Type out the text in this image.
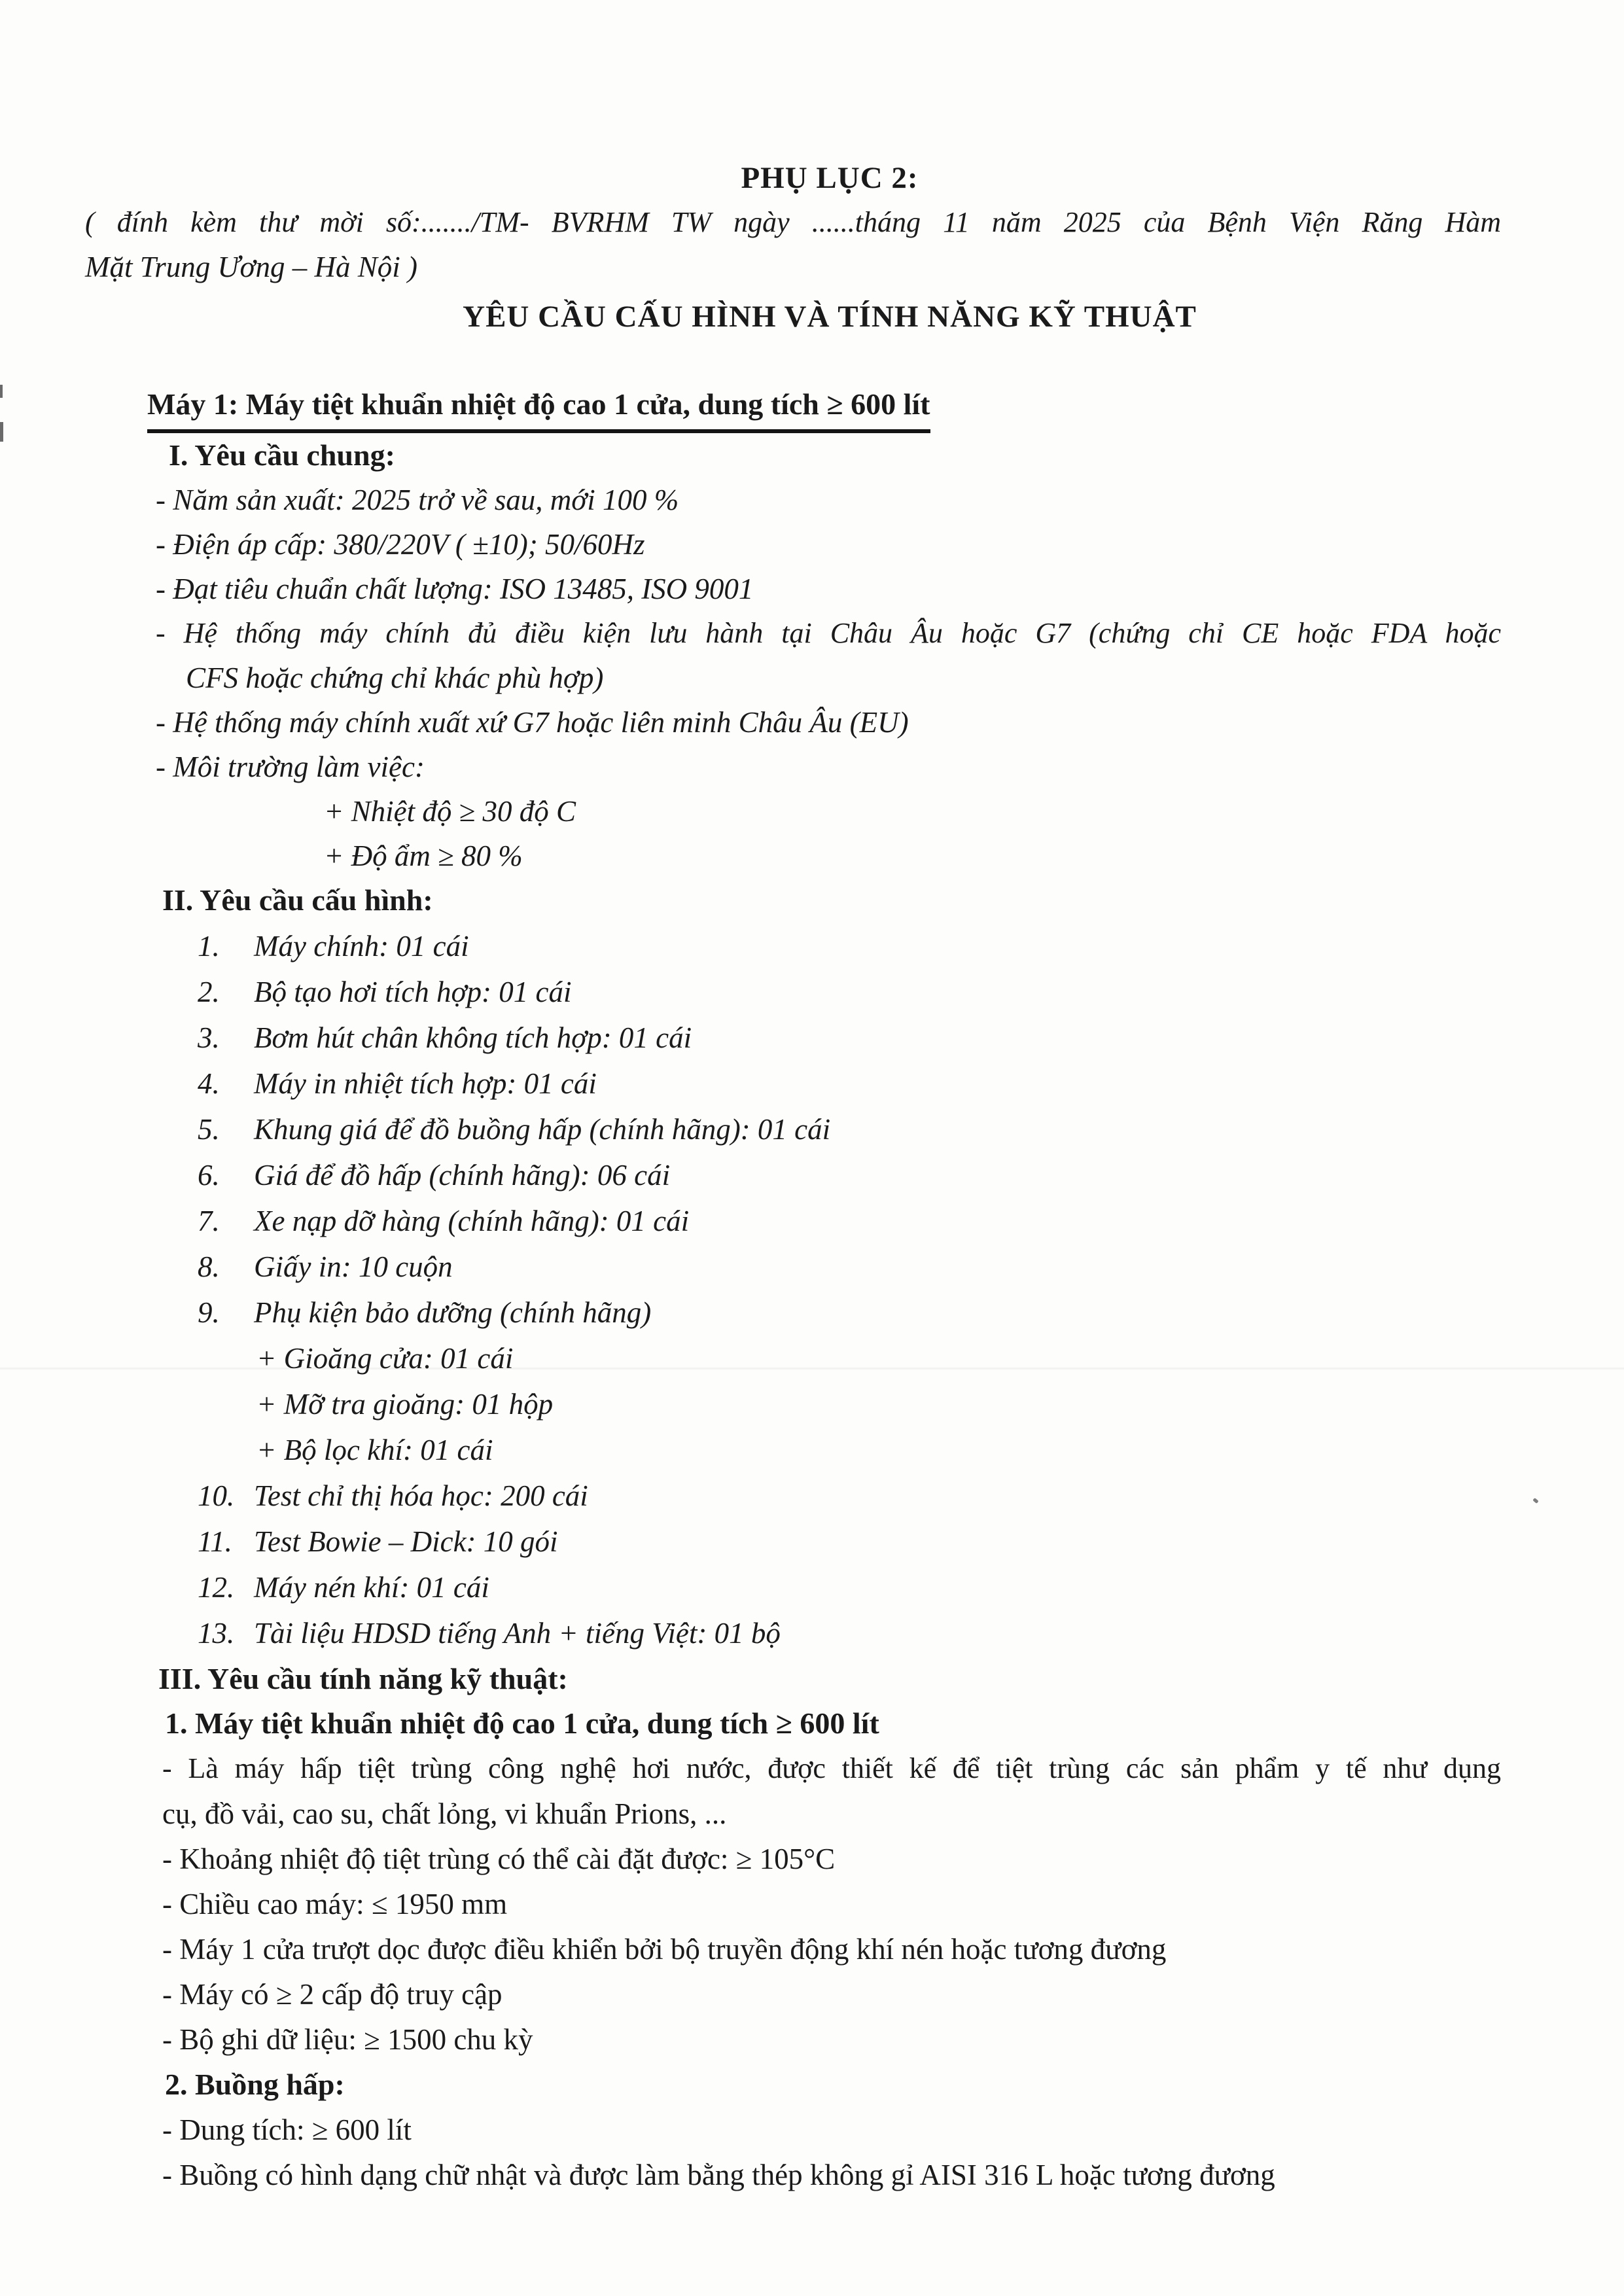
PHỤ LỤC 2:
( đính kèm thư mời số:......./TM- BVRHM TW ngày ......tháng 11 năm 2025 của Bệnh Viện Răng Hàm
Mặt Trung Ương – Hà Nội )
YÊU CẦU CẤU HÌNH VÀ TÍNH NĂNG KỸ THUẬT
Máy 1: Máy tiệt khuẩn nhiệt độ cao 1 cửa, dung tích ≥ 600 lít
I. Yêu cầu chung:
- Năm sản xuất: 2025 trở về sau, mới 100 %
- Điện áp cấp: 380/220V ( ±10); 50/60Hz
- Đạt tiêu chuẩn chất lượng: ISO 13485, ISO 9001
- Hệ thống máy chính đủ điều kiện lưu hành tại Châu Âu hoặc G7 (chứng chỉ CE hoặc FDA hoặc
CFS hoặc chứng chỉ khác phù hợp)
- Hệ thống máy chính xuất xứ G7 hoặc liên minh Châu Âu (EU)
- Môi trường làm việc:
+ Nhiệt độ ≥ 30 độ C
+ Độ ẩm ≥ 80 %
II. Yêu cầu cấu hình:
1. Máy chính: 01 cái
2. Bộ tạo hơi tích hợp: 01 cái
3. Bơm hút chân không tích hợp: 01 cái
4. Máy in nhiệt tích hợp: 01 cái
5. Khung giá để đồ buồng hấp (chính hãng): 01 cái
6. Giá để đồ hấp (chính hãng): 06 cái
7. Xe nạp dỡ hàng (chính hãng): 01 cái
8. Giấy in: 10 cuộn
9. Phụ kiện bảo dưỡng (chính hãng)
+ Gioăng cửa: 01 cái
+ Mỡ tra gioăng: 01 hộp
+ Bộ lọc khí: 01 cái
10. Test chỉ thị hóa học: 200 cái
11. Test Bowie – Dick: 10 gói
12. Máy nén khí: 01 cái
13. Tài liệu HDSD tiếng Anh + tiếng Việt: 01 bộ
III. Yêu cầu tính năng kỹ thuật:
1. Máy tiệt khuẩn nhiệt độ cao 1 cửa, dung tích ≥ 600 lít
- Là máy hấp tiệt trùng công nghệ hơi nước, được thiết kế để tiệt trùng các sản phẩm y tế như dụng
cụ, đồ vải, cao su, chất lỏng, vi khuẩn Prions, ...
- Khoảng nhiệt độ tiệt trùng có thể cài đặt được: ≥ 105°C
- Chiều cao máy: ≤ 1950 mm
- Máy 1 cửa trượt dọc được điều khiển bởi bộ truyền động khí nén hoặc tương đương
- Máy có ≥ 2 cấp độ truy cập
- Bộ ghi dữ liệu: ≥ 1500 chu kỳ
2. Buồng hấp:
- Dung tích: ≥ 600 lít
- Buồng có hình dạng chữ nhật và được làm bằng thép không gỉ AISI 316 L hoặc tương đương
